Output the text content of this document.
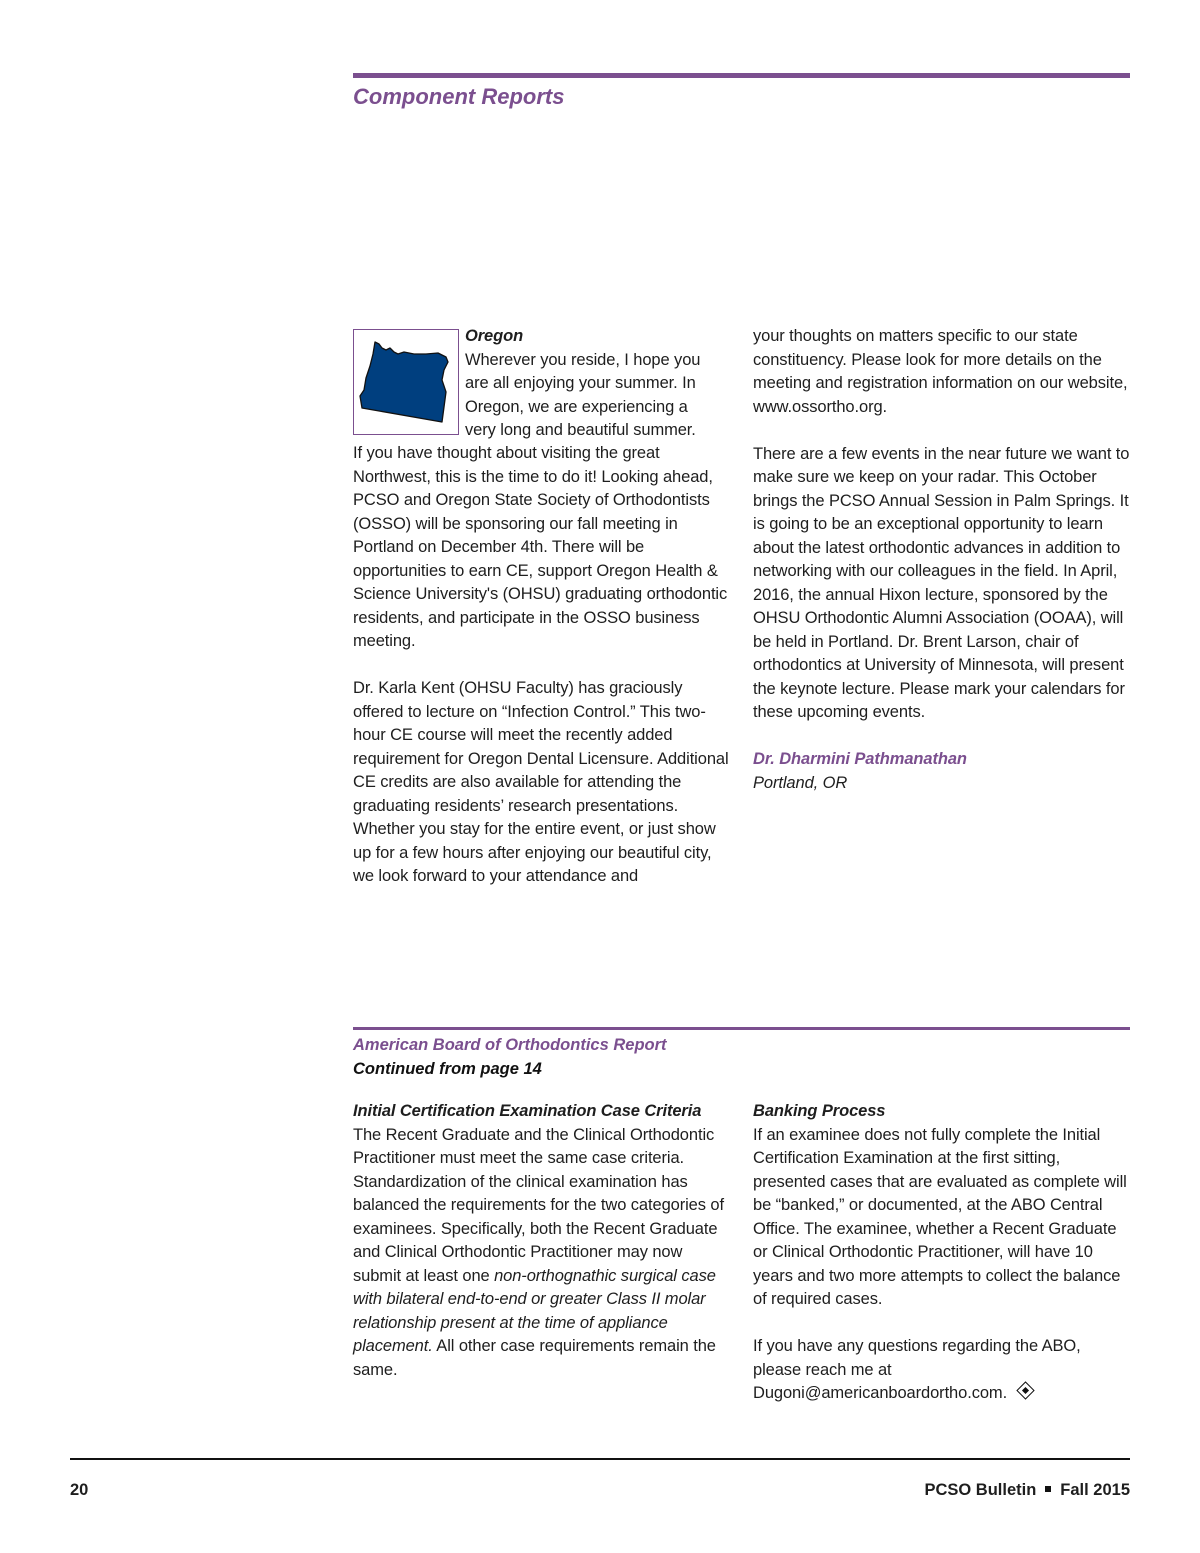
Component Reports

Oregon

Wherever you reside, I hope you

are all enjoying your summer. In

Oregon, we are experiencing a

very long and beautiful summer.

If you have thought about visiting the great Northwest, this is the time to do it! Looking ahead, PCSO and Oregon State Society of Orthodontists (OSSO) will be sponsoring our fall meeting in Portland on December 4th. There will be opportunities to earn CE, support Oregon Health & Science University's (OHSU) graduating orthodontic residents, and participate in the OSSO business meeting.

Dr. Karla Kent (OHSU Faculty) has graciously offered to lecture on “Infection Control.” This two-hour CE course will meet the recently added requirement for Oregon Dental Licensure. Additional CE credits are also available for attending the graduating residents’ research presentations. Whether you stay for the entire event, or just show up for a few hours after enjoying our beautiful city, we look forward to your attendance and

your thoughts on matters specific to our state constituency. Please look for more details on the meeting and registration information on our website, www.ossortho.org.

There are a few events in the near future we want to make sure we keep on your radar. This October brings the PCSO Annual Session in Palm Springs. It is going to be an exceptional opportunity to learn about the latest orthodontic advances in addition to networking with our colleagues in the field. In April, 2016, the annual Hixon lecture, sponsored by the OHSU Orthodontic Alumni Association (OOAA), will be held in Portland. Dr. Brent Larson, chair of orthodontics at University of Minnesota, will present the keynote lecture. Please mark your calendars for these upcoming events.

Dr. Dharmini Pathmanathan
Portland, OR

American Board of Orthodontics Report
Continued from page 14

Initial Certification Examination Case Criteria

The Recent Graduate and the Clinical Orthodontic Practitioner must meet the same case criteria. Standardization of the clinical examination has balanced the requirements for the two categories of examinees. Specifically, both the Recent Graduate and Clinical Orthodontic Practitioner may now submit at least one non-orthognathic surgical case with bilateral end-to-end or greater Class II molar relationship present at the time of appliance placement. All other case requirements remain the same.

Banking Process

If an examinee does not fully complete the Initial Certification Examination at the first sitting, presented cases that are evaluated as complete will be “banked,” or documented, at the ABO Central Office. The examinee, whether a Recent Graduate or Clinical Orthodontic Practitioner, will have 10 years and two more attempts to collect the balance of required cases.

If you have any questions regarding the ABO, please reach me at
Dugoni@americanboardortho.com.

20	PCSO Bulletin Fall 2015
